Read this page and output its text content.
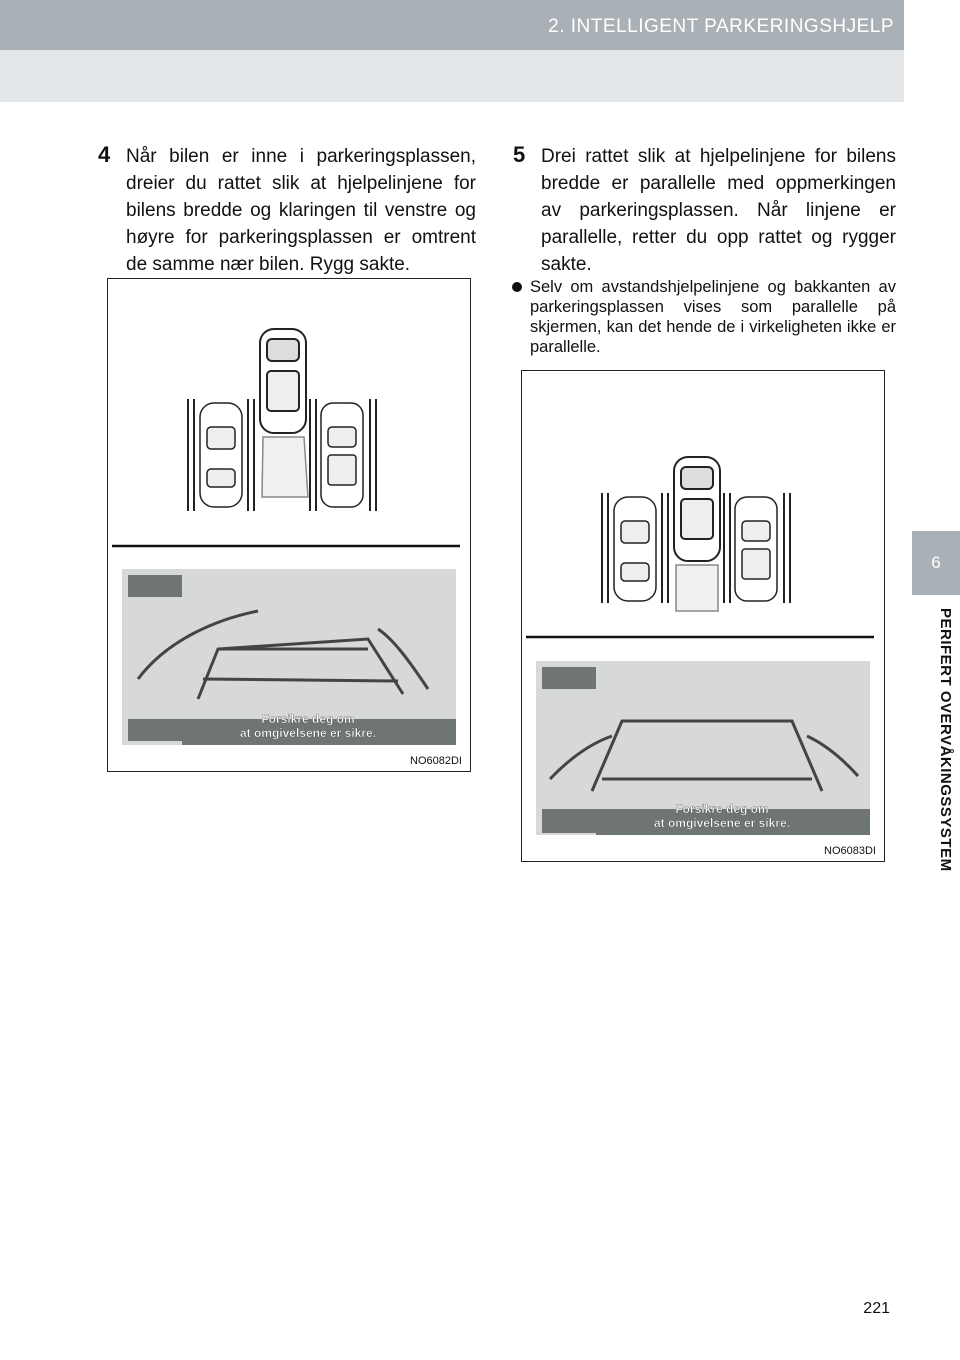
2. INTELLIGENT PARKERINGSHJELP
6
PERIFERT OVERVÅKINGSSYSTEM
4 Når bilen er inne i parkeringsplassen, dreier du rattet slik at hjelpelinjene for bilens bredde og klaringen til venstre og høyre for parkeringsplassen er omtrent de samme nær bilen. Rygg sakte.
5 Drei rattet slik at hjelpelinjene for bilens bredde er parallelle med oppmerkingen av parkeringsplassen. Når linjene er parallelle, retter du opp rattet og rygger sakte.
Selv om avstandshjelpelinjene og bakkanten av parkeringsplassen vises som parallelle på skjermen, kan det hende de i virkeligheten ikke er parallelle.
Forsikre deg om
at omgivelsene er sikre.
NO6082DI
Forsikre deg om
at omgivelsene er sikre.
NO6083DI
221
